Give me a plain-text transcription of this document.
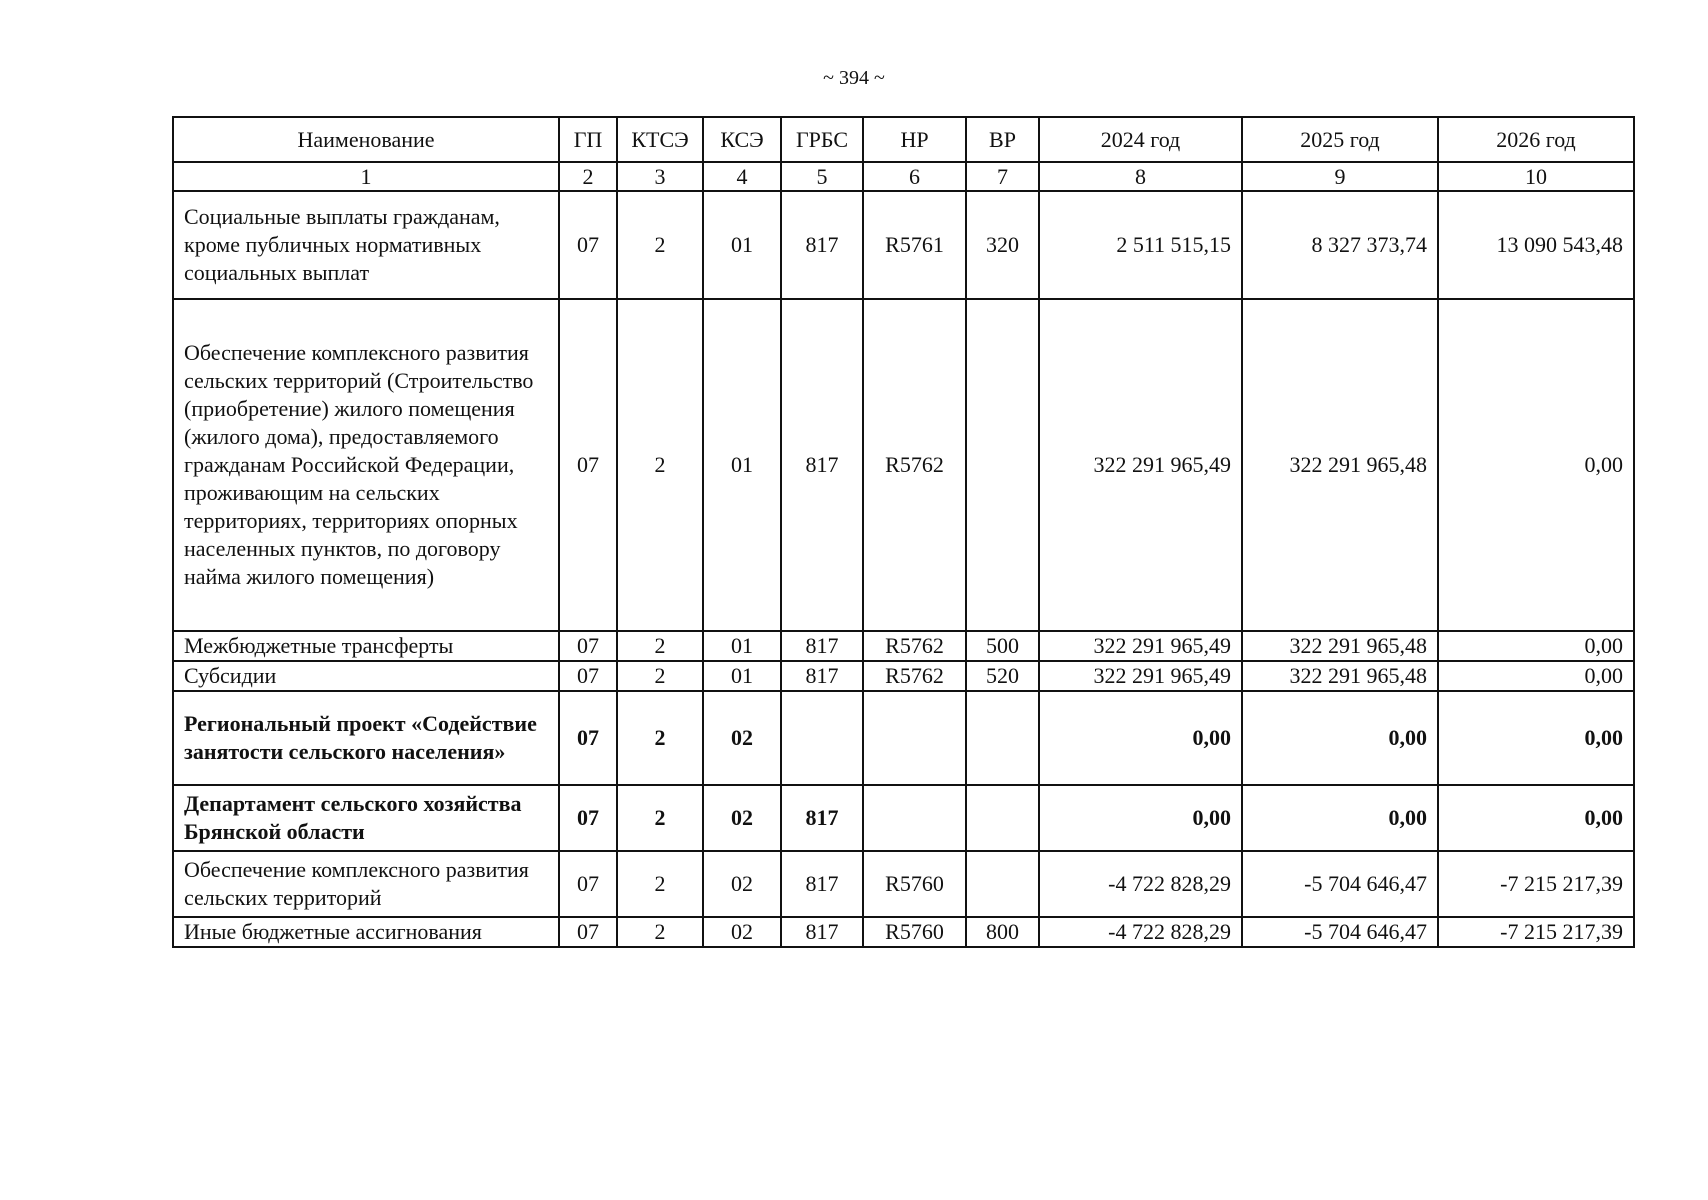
~ 394 ~
Наименование	ГП	КТСЭ	КСЭ	ГРБС	НР	ВР	2024 год	2025 год	2026 год
1	2	3	4	5	6	7	8	9	10
Социальные выплаты гражданам, кроме публичных нормативных социальных выплат	07	2	01	817	R5761	320	2 511 515,15	8 327 373,74	13 090 543,48
Обеспечение комплексного развития сельских территорий (Строительство (приобретение) жилого помещения (жилого дома), предоставляемого гражданам Российской Федерации, проживающим на сельских территориях, территориях опорных населенных пунктов, по договору найма жилого помещения)	07	2	01	817	R5762		322 291 965,49	322 291 965,48	0,00
Межбюджетные трансферты	07	2	01	817	R5762	500	322 291 965,49	322 291 965,48	0,00
Субсидии	07	2	01	817	R5762	520	322 291 965,49	322 291 965,48	0,00
Региональный проект «Содействие занятости сельского населения»	07	2	02				0,00	0,00	0,00
Департамент сельского хозяйства Брянской области	07	2	02	817			0,00	0,00	0,00
Обеспечение комплексного развития сельских территорий	07	2	02	817	R5760		-4 722 828,29	-5 704 646,47	-7 215 217,39
Иные бюджетные ассигнования	07	2	02	817	R5760	800	-4 722 828,29	-5 704 646,47	-7 215 217,39
